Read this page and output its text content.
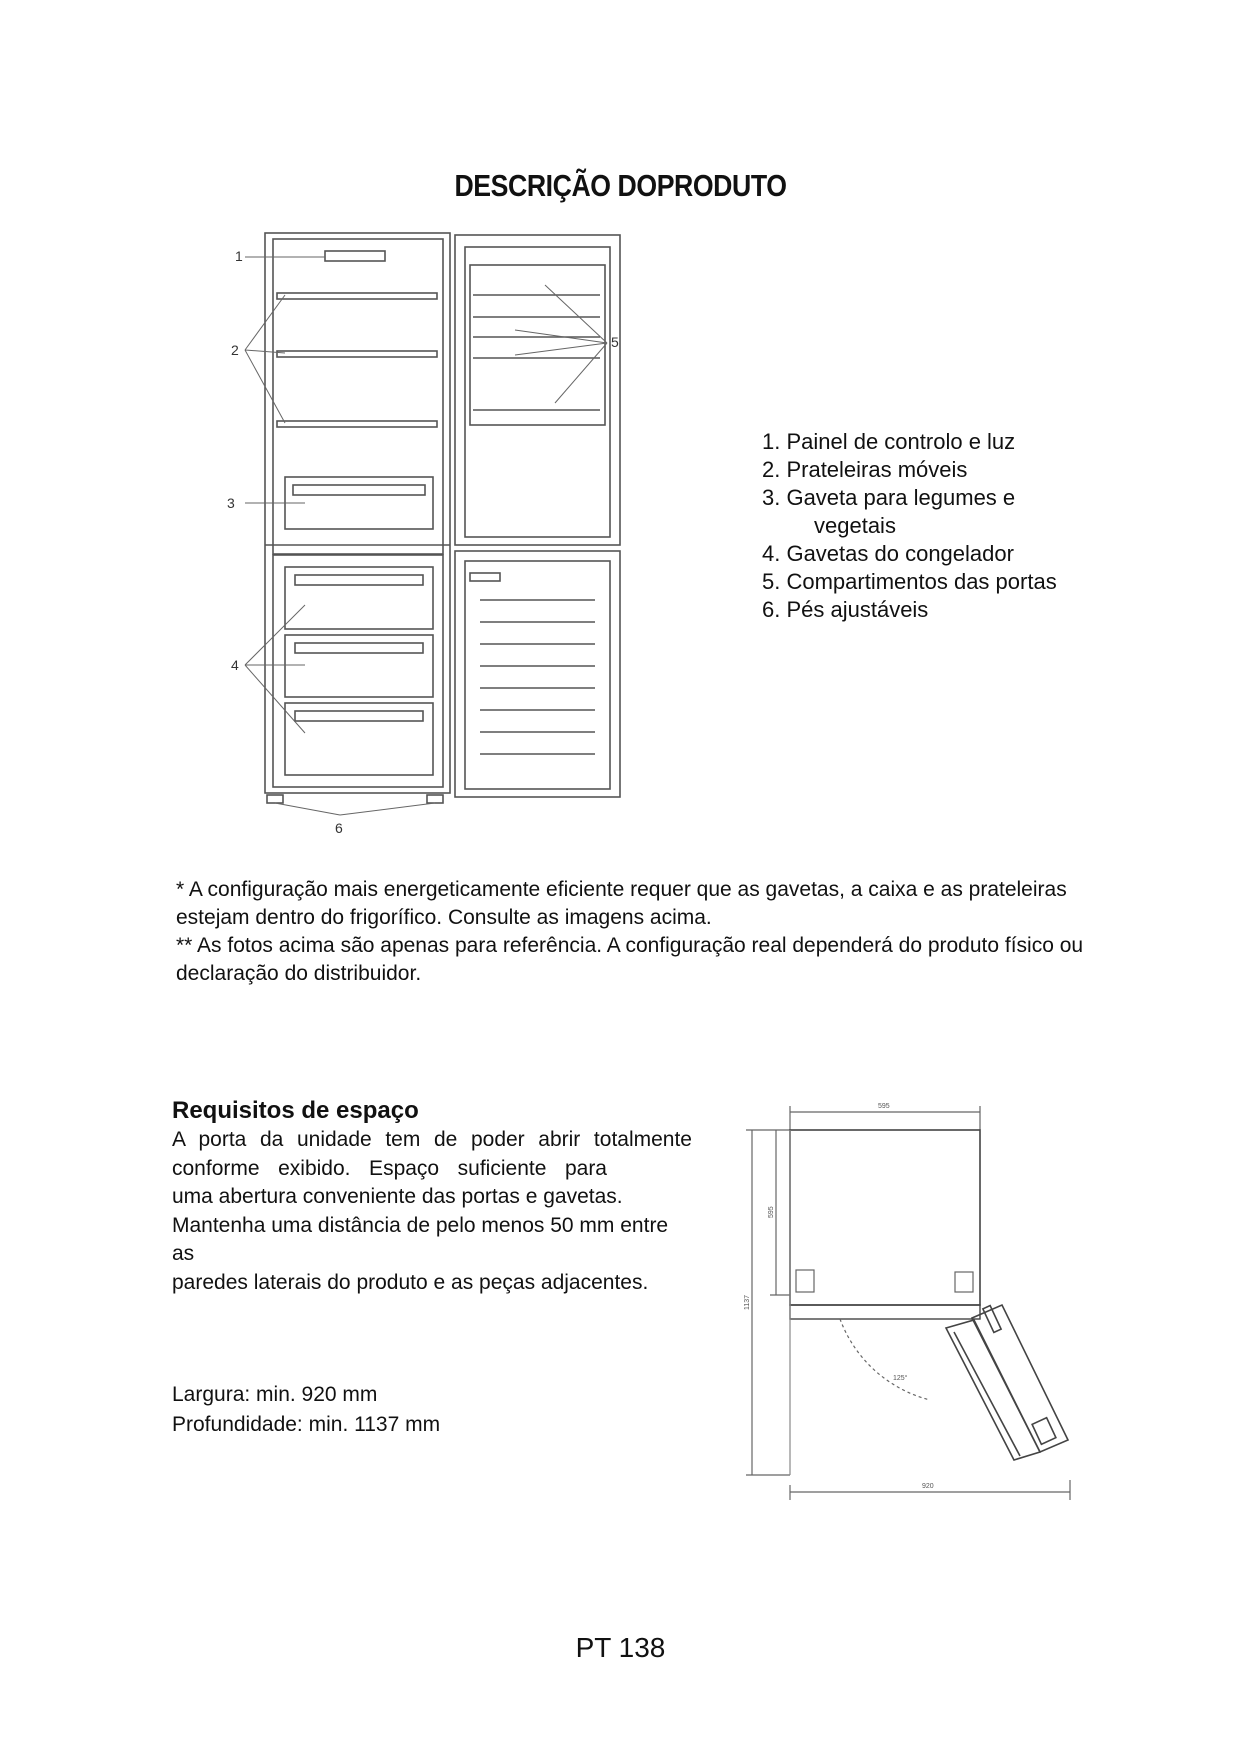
DESCRIÇÃO DOPRODUTO
1
2
3
4
5
6
1. Painel de controlo e luz
2. Prateleiras móveis
3. Gaveta para legumes e
vegetais
4. Gavetas do congelador
5. Compartimentos das portas
6. Pés ajustáveis

* A configuração mais energeticamente eficiente requer que as gavetas, a caixa e as prateleiras estejam dentro do frigorífico. Consulte as imagens acima.

** As fotos acima são apenas para referência. A configuração real dependerá do produto físico ou declaração do distribuidor.

Requisitos de espaço

A porta da unidade tem de poder abrir totalmente

conforme exibido. Espaço suficiente para

uma abertura conveniente das portas e gavetas.

Mantenha uma distância de pelo menos 50 mm entre as

paredes laterais do produto e as peças adjacentes.

Largura: min. 920 mm
Profundidade: min. 1137 mm
595
595
1137
920
125°
PT 138
